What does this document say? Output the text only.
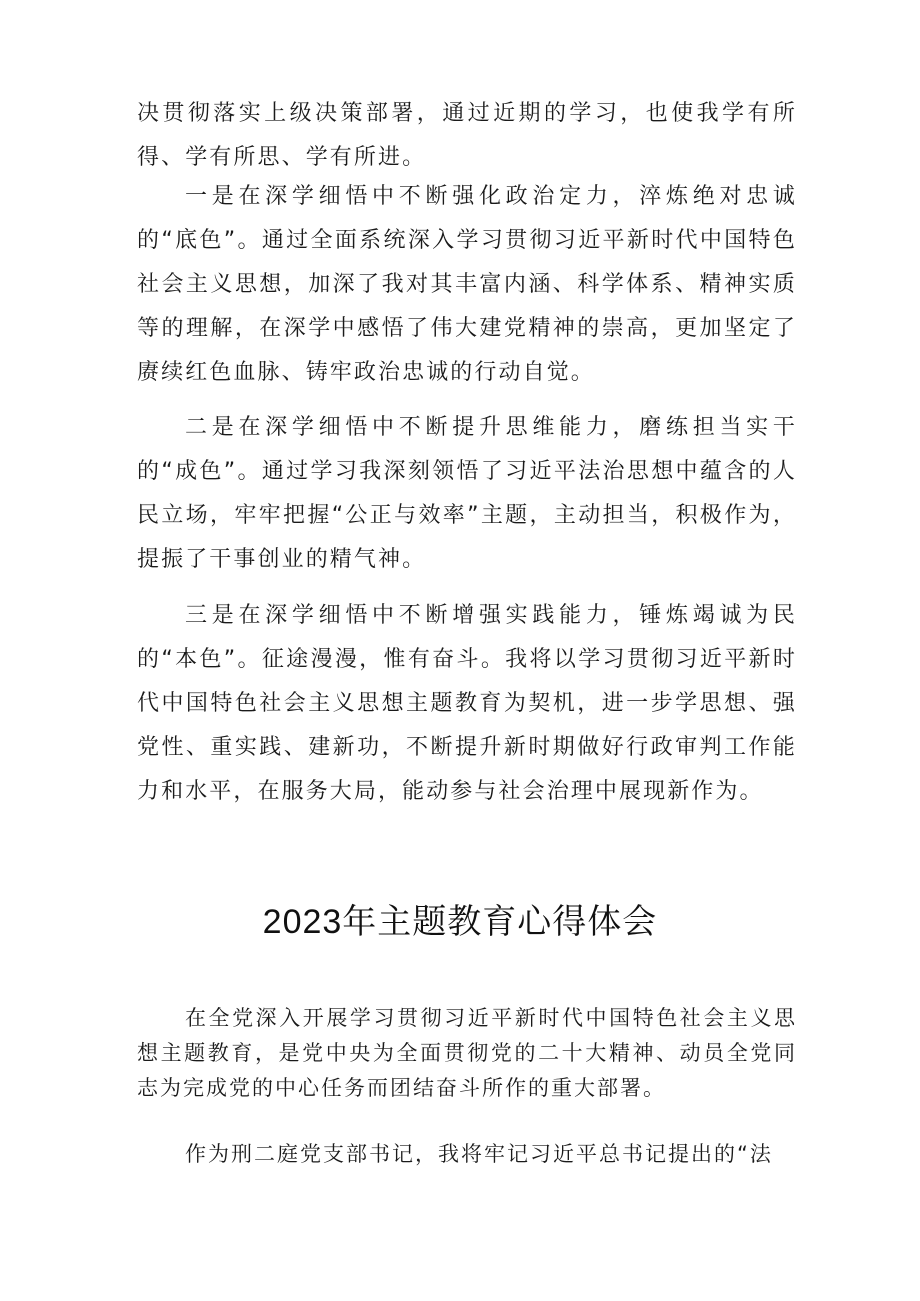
决贯彻落实上级决策部署，通过近期的学习，也使我学有所得、学有所思、学有所进。

一是在深学细悟中不断强化政治定力，淬炼绝对忠诚的“底色”。通过全面系统深入学习贯彻习近平新时代中国特色社会主义思想，加深了我对其丰富内涵、科学体系、精神实质等的理解，在深学中感悟了伟大建党精神的崇高，更加坚定了赓续红色血脉、铸牢政治忠诚的行动自觉。

二是在深学细悟中不断提升思维能力，磨练担当实干的“成色”。通过学习我深刻领悟了习近平法治思想中蕴含的人民立场，牢牢把握“公正与效率”主题，主动担当，积极作为，提振了干事创业的精气神。

三是在深学细悟中不断增强实践能力，锤炼竭诚为民的“本色”。征途漫漫，惟有奋斗。我将以学习贯彻习近平新时代中国特色社会主义思想主题教育为契机，进一步学思想、强党性、重实践、建新功，不断提升新时期做好行政审判工作能力和水平，在服务大局，能动参与社会治理中展现新作为。

2023年主题教育心得体会

在全党深入开展学习贯彻习近平新时代中国特色社会主义思想主题教育，是党中央为全面贯彻党的二十大精神、动员全党同志为完成党的中心任务而团结奋斗所作的重大部署。

作为刑二庭党支部书记，我将牢记习近平总书记提出的“法
